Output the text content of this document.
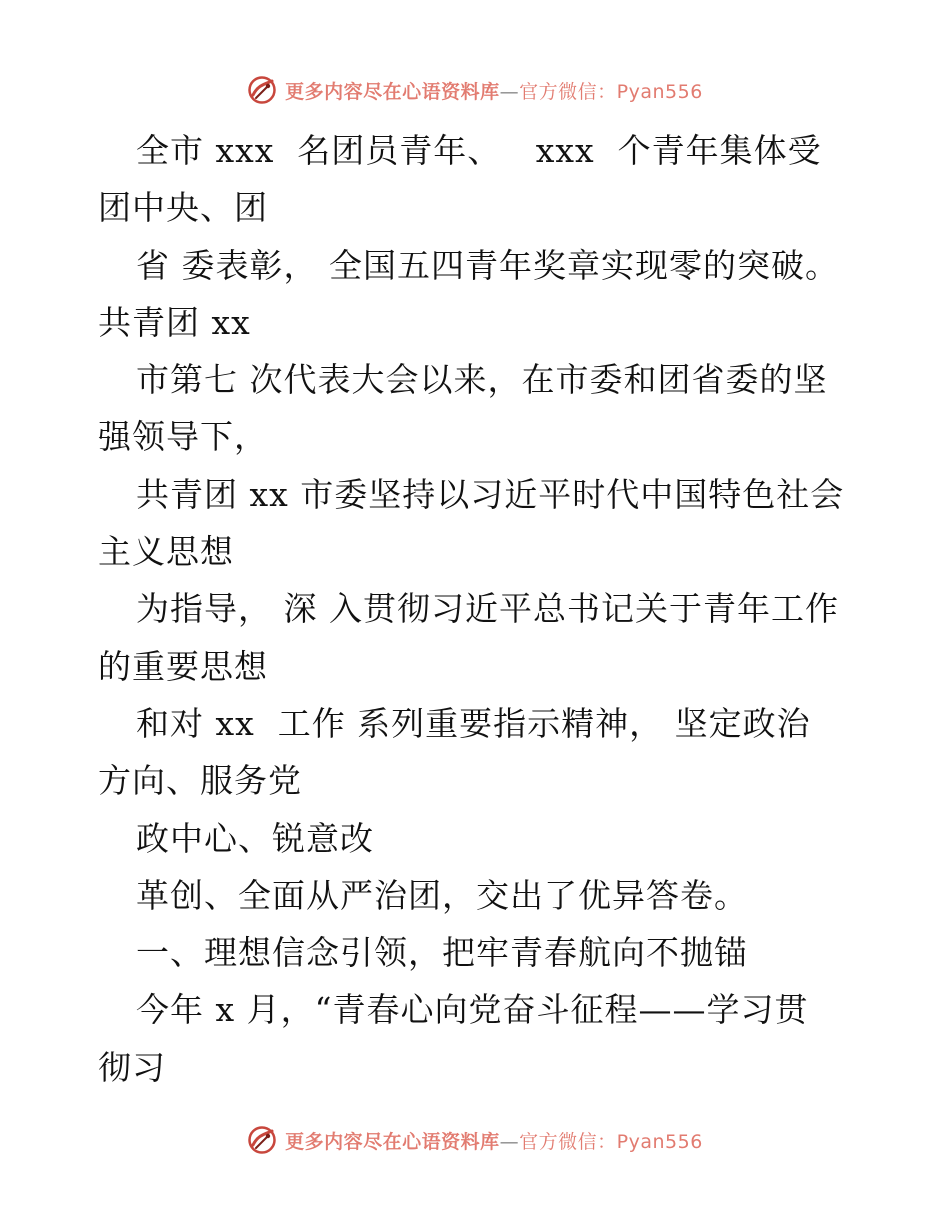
更多内容尽在心语资料库—官方微信：Pyan556
全市 xxx  名团员青年、   xxx  个青年集体受
团中央、团
省 委表彰， 全国五四青年奖章实现零的突破。
共青团 xx
市第七 次代表大会以来，在市委和团省委的坚
强领导下，
共青团 xx 市委坚持以习近平时代中国特色社会
主义思想
为指导， 深 入贯彻习近平总书记关于青年工作
的重要思想
和对 xx  工作 系列重要指示精神， 坚定政治
方向、服务党
政中心、锐意改
革创、全面从严治团，交出了优异答卷。
一、理想信念引领，把牢青春航向不抛锚
今年 x 月，“青春心向党奋斗征程——学习贯
彻习
更多内容尽在心语资料库—官方微信：Pyan556
